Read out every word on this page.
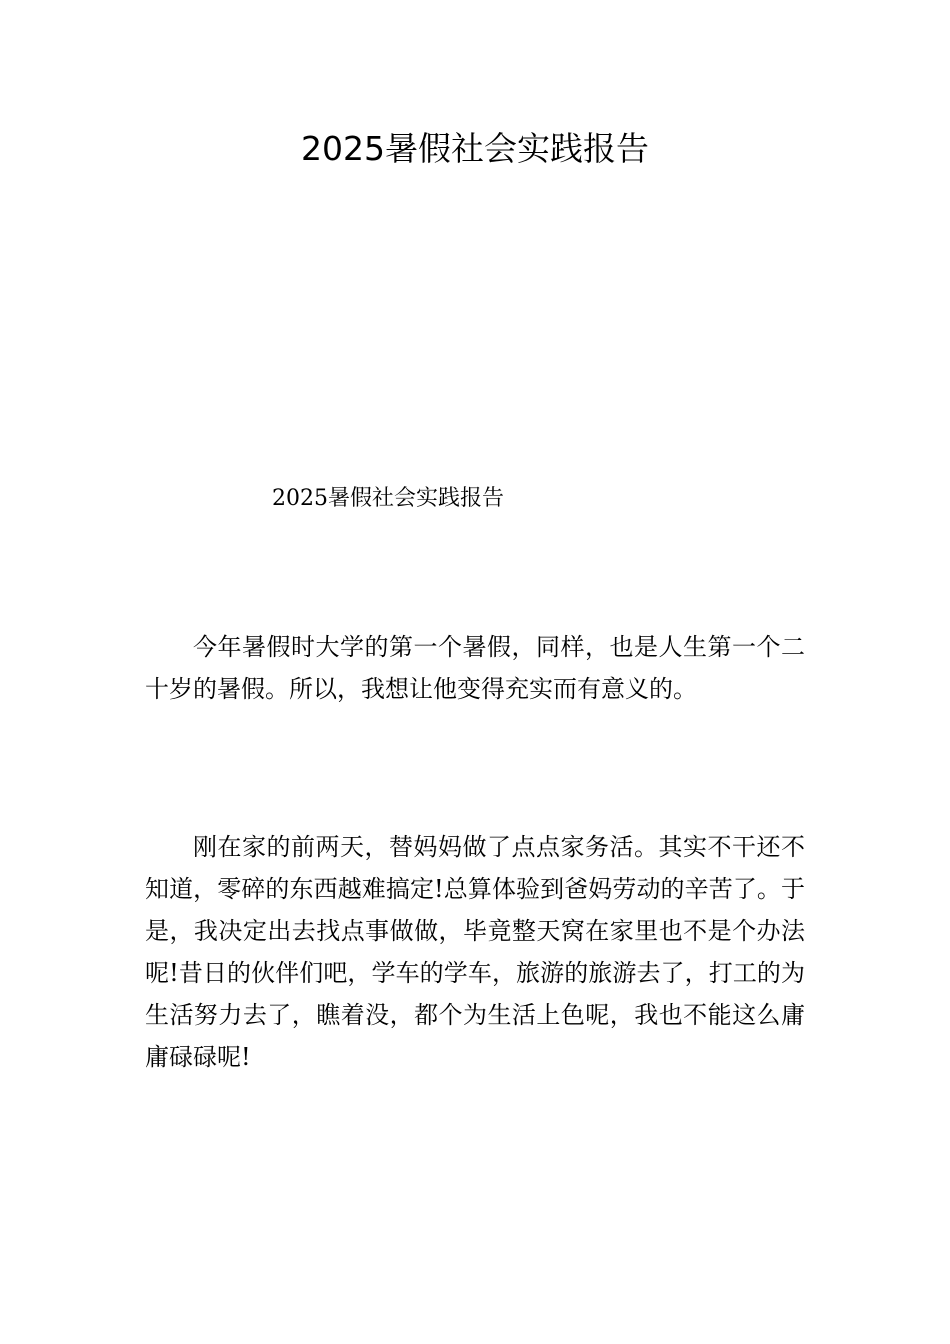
2025暑假社会实践报告
2025暑假社会实践报告

今年暑假时大学的第一个暑假，同样，也是人生第一个二十岁的暑假。所以，我想让他变得充实而有意义的。

刚在家的前两天，替妈妈做了点点家务活。其实不干还不知道，零碎的东西越难搞定!总算体验到爸妈劳动的辛苦了。于是，我决定出去找点事做做，毕竟整天窝在家里也不是个办法呢!昔日的伙伴们吧，学车的学车，旅游的旅游去了，打工的为生活努力去了，瞧着没，都个为生活上色呢，我也不能这么庸庸碌碌呢!
